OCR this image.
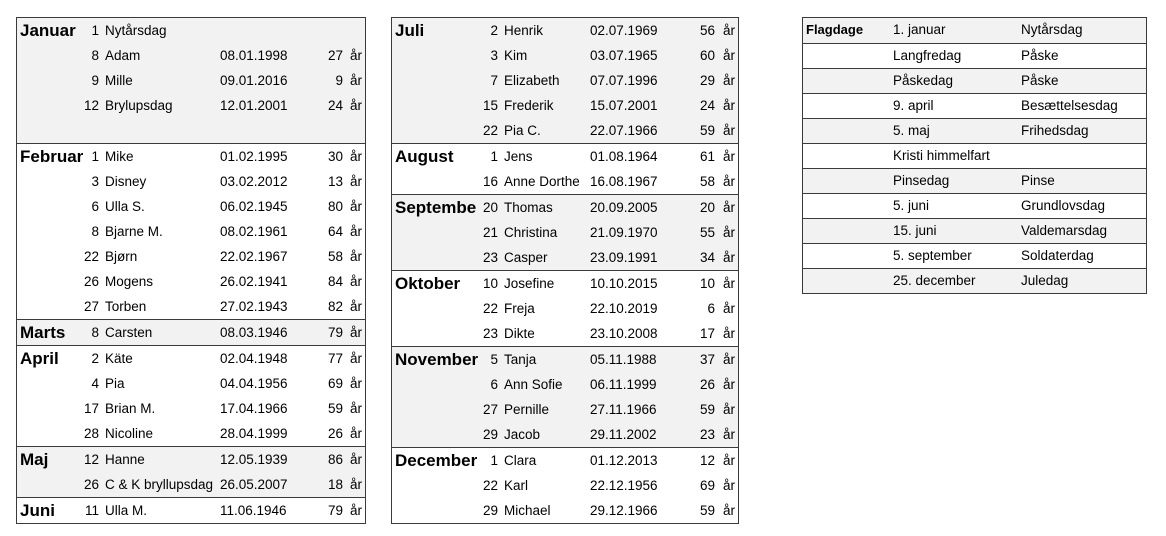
Januar	1 Nytårsdag
8 Adam	08.01.1998	27 år
9 Mille	09.01.2016	9 år
12 Brylupsdag	12.01.2001	24 år
Februar 1 Mike	01.02.1995	30 år
3 Disney	03.02.2012	13 år
6 Ulla S.	06.02.1945	80 år
8 Bjarne M.	08.02.1961	64 år
22 Bjørn	22.02.1967	58 år
26 Mogens	26.02.1941	84 år
27 Torben	27.02.1943	82 år
Marts	8 Carsten	08.03.1946	79 år
April	2 Käte	02.04.1948	77 år
4 Pia	04.04.1956	69 år
17 Brian M.	17.04.1966	59 år
28 Nicoline	28.04.1999	26 år
Maj	12 Hanne	12.05.1939	86 år
26 C & K bryllupsdag 26.05.2007	18 år
Juni	11 Ulla M.	11.06.1946	79 år
Juli	2 Henrik	02.07.1969	56 år
3 Kim	03.07.1965	60 år
7 Elizabeth 07.07.1996	29 år
15 Frederik	15.07.2001	24 år
22 Pia C.	22.07.1966	59 år
August	1 Jens	01.08.1964	61 år
16 Anne Dorthe 16.08.1967	58 år
Septembe 20 Thomas	20.09.2005	20 år
21 Christina 21.09.1970	55 år
23 Casper	23.09.1991	34 år
Oktober	10 Josefine	10.10.2015	10 år
22 Freja	22.10.2019	6 år
23 Dikte	23.10.2008	17 år
November 5 Tanja	05.11.1988	37 år
6 Ann Sofie 06.11.1999	26 år
27 Pernille	27.11.1966	59 år
29 Jacob	29.11.2002	23 år
December 1 Clara	01.12.2013	12 år
22 Karl	22.12.1956	69 år
29 Michael	29.12.1966	59 år
Flagdage 1. januar	Nytårsdag
Langfredag	Påske
Påskedag	Påske
9. april	Besættelsesdag
5. maj	Frihedsdag
Kristi himmelfart
Pinsedag	Pinse
5. juni	Grundlovsdag
15. juni	Valdemarsdag
5. september	Soldaterdag
25. december	Juledag
